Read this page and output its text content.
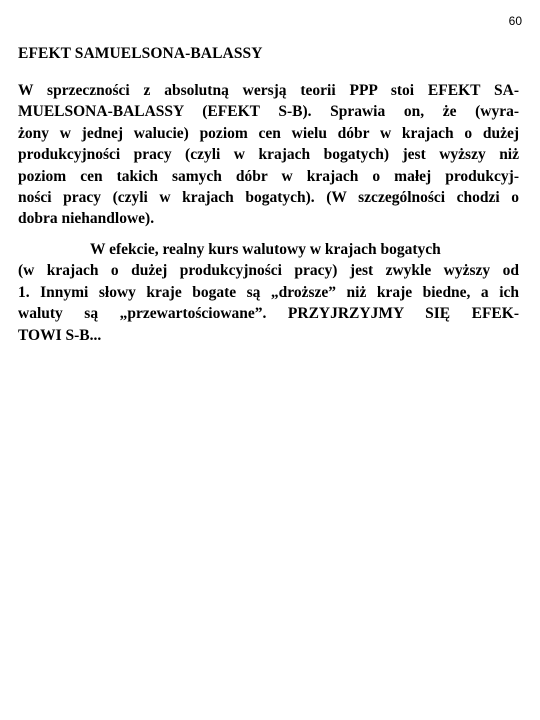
60
EFEKT SAMUELSONA-BALASSY
W sprzeczności z absolutną wersją teorii PPP stoi EFEKT SA-
MUELSONA-BALASSY (EFEKT S-B). Sprawia on, że (wyra-
żony w jednej walucie) poziom cen wielu dóbr w krajach o dużej
produkcyjności pracy (czyli w krajach bogatych) jest wyższy niż
poziom cen takich samych dóbr w krajach o małej produkcyj-
ności pracy (czyli w krajach bogatych). (W szczególności chodzi o
dobra niehandlowe).
W efekcie, realny kurs walutowy w krajach bogatych
(w krajach o dużej produkcyjności pracy) jest zwykle wyższy od
1. Innymi słowy kraje bogate są „droższe” niż kraje biedne, a ich
waluty są „przewartościowane”. PRZYJRZYJMY SIĘ EFEK-
TOWI S-B...
